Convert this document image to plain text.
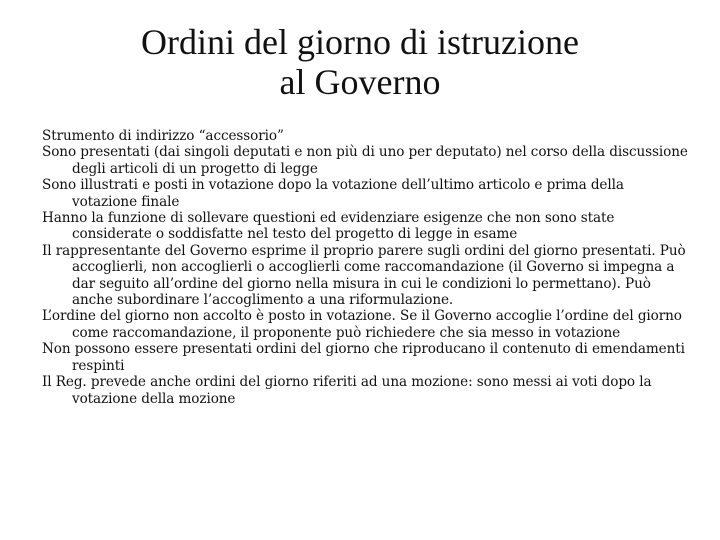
Ordini del giorno di istruzione
al Governo
Strumento di indirizzo “accessorio”
Sono presentati (dai singoli deputati e non più di uno per deputato) nel corso della discussione degli articoli di un progetto di legge
Sono illustrati e posti in votazione dopo la votazione dell’ultimo articolo e prima della votazione finale
Hanno la funzione di sollevare questioni ed evidenziare esigenze che non sono state considerate o soddisfatte nel testo del progetto di legge in esame
Il rappresentante del Governo esprime il proprio parere sugli ordini del giorno presentati. Può accoglierli, non accoglierli o accoglierli come raccomandazione (il Governo si impegna a dar seguito all’ordine del giorno nella misura in cui le condizioni lo permettano). Può anche subordinare l’accoglimento a una riformulazione.
L’ordine del giorno non accolto è posto in votazione. Se il Governo accoglie l’ordine del giorno come raccomandazione, il proponente può richiedere che sia messo in votazione
Non possono essere presentati ordini del giorno che riproducano il contenuto di emendamenti respinti
Il Reg. prevede anche ordini del giorno riferiti ad una mozione: sono messi ai voti dopo la votazione della mozione
